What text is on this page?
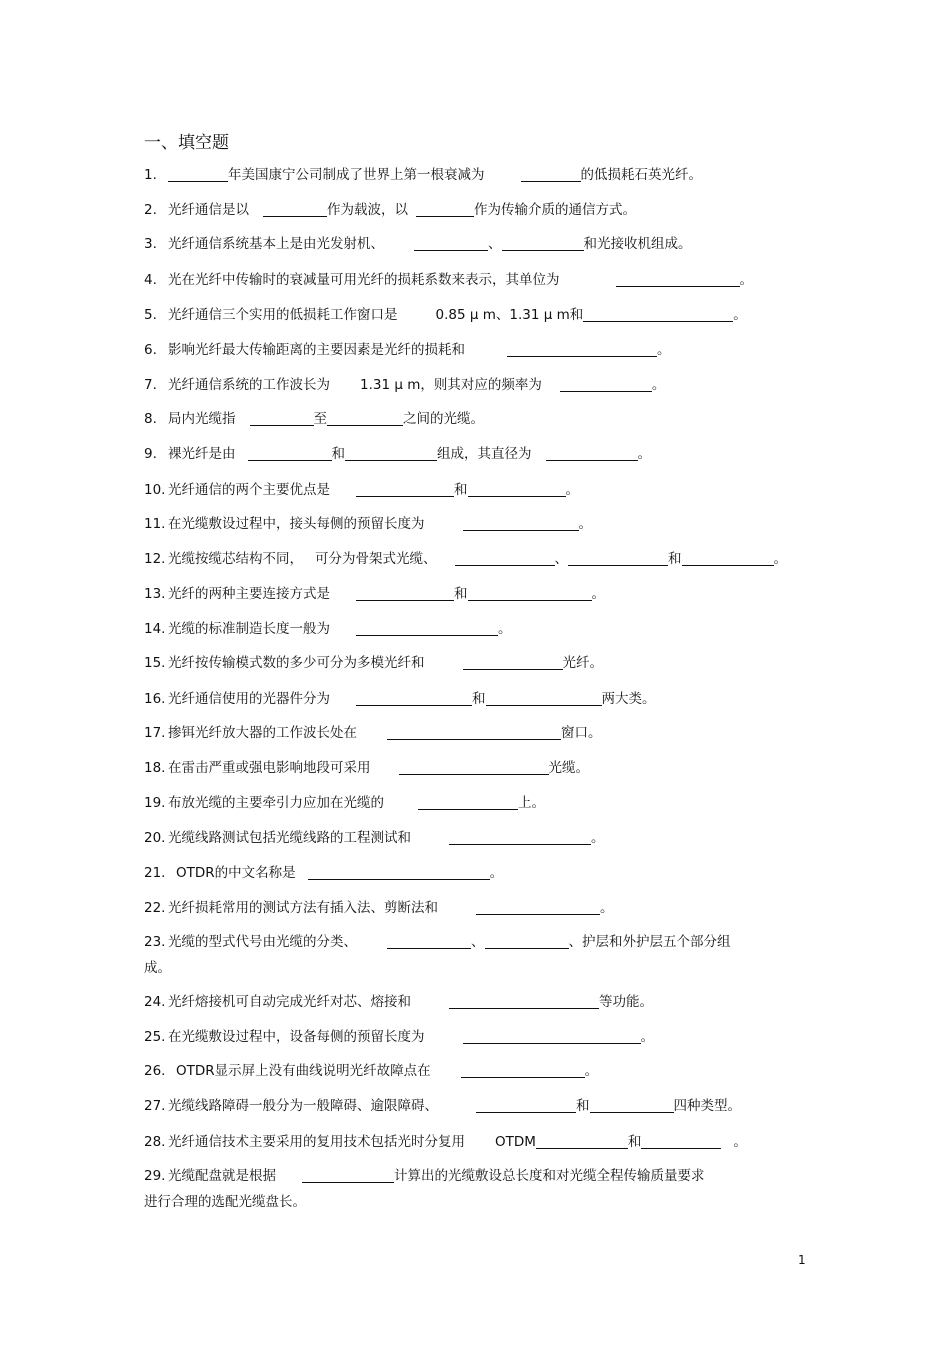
一、填空题
1.	年美国康宁公司制成了世界上第一根衰减为	的低损耗石英光纤。
2. 光纤通信是以	作为载波，以	作为传输介质的通信方式。
3. 光纤通信系统基本上是由光发射机、	、	和光接收机组成。
4. 光在光纤中传输时的衰减量可用光纤的损耗系数来表示，其单位为	。
5. 光纤通信三个实用的低损耗工作窗口是	0.85 μ m、1.31 μ m和	。
6. 影响光纤最大传输距离的主要因素是光纤的损耗和	。
7. 光纤通信系统的工作波长为 1.31 μ m，则其对应的频率为	。
8. 局内光缆指	至	之间的光缆。
9. 裸光纤是由	和	组成，其直径为	。
10. 光纤通信的两个主要优点是	和	。
11. 在光缆敷设过程中，接头每侧的预留长度为	。
12. 光缆按缆芯结构不同， 可分为骨架式光缆、	、	和	。
13. 光纤的两种主要连接方式是	和	。
14. 光缆的标准制造长度一般为	。
15. 光纤按传输模式数的多少可分为多模光纤和	光纤。
16. 光纤通信使用的光器件分为	和	两大类。
17. 掺铒光纤放大器的工作波长处在	窗口。
18. 在雷击严重或强电影响地段可采用	光缆。
19. 布放光缆的主要牵引力应加在光缆的	上。
20. 光缆线路测试包括光缆线路的工程测试和	。
21. OTDR的中文名称是	。
22. 光纤损耗常用的测试方法有插入法、剪断法和	。
23. 光缆的型式代号由光缆的分类、	、	、护层和外护层五个部分组
成。
24. 光纤熔接机可自动完成光纤对芯、熔接和	等功能。
25. 在光缆敷设过程中，设备每侧的预留长度为	。
26. OTDR显示屏上没有曲线说明光纤故障点在	。
27. 光缆线路障碍一般分为一般障碍、逾限障碍、	和	四种类型。
28. 光纤通信技术主要采用的复用技术包括光时分复用 OTDM	和	。
29. 光缆配盘就是根据	计算出的光缆敷设总长度和对光缆全程传输质量要求
进行合理的选配光缆盘长。
1
